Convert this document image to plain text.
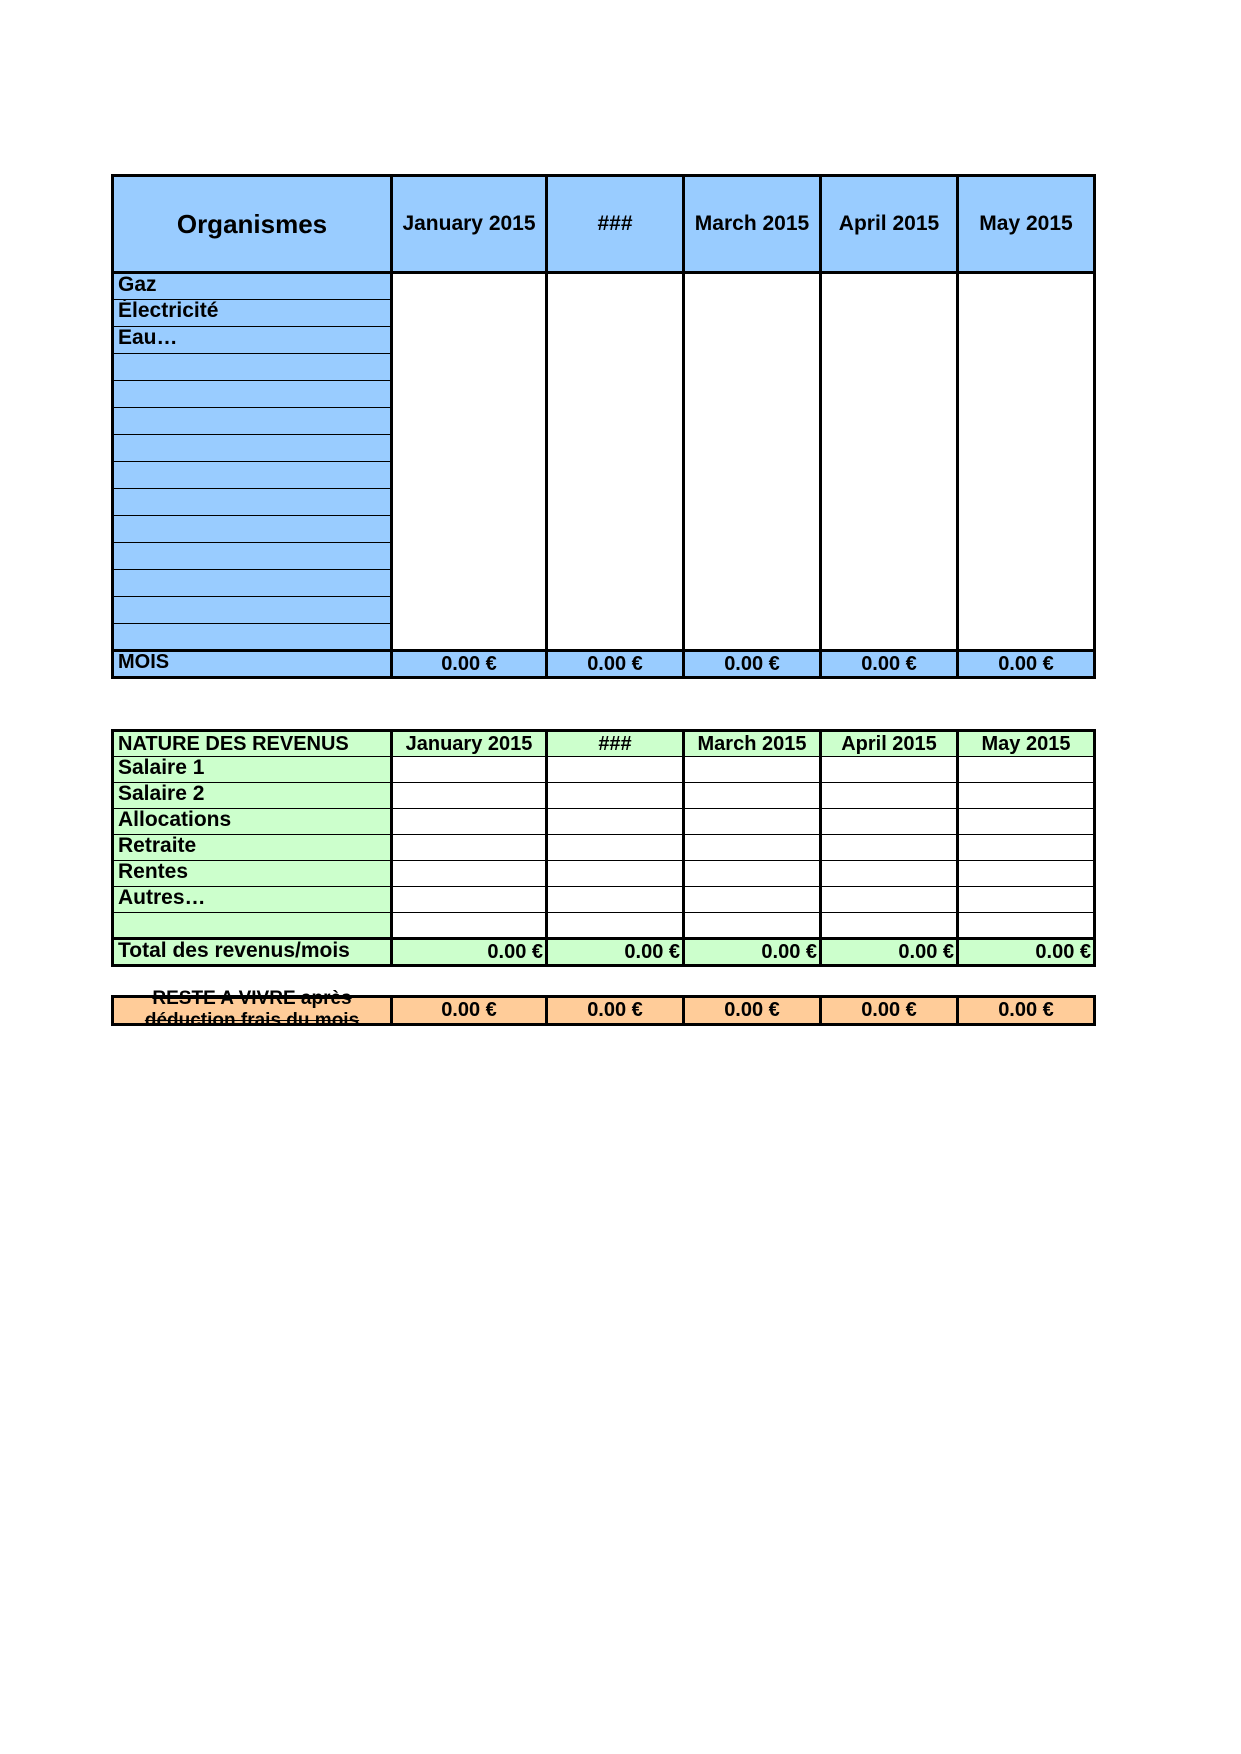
Organismes	January 2015	###	March 2015	April 2015	May 2015
Gaz					
Électricité					
Eau…					

MOIS	0.00 €	0.00 €	0.00 €	0.00 €	0.00 €
NATURE DES REVENUS	January 2015	###	March 2015	April 2015	May 2015
Salaire 1					
Salaire 2					
Allocations					
Retraite					
Rentes					
Autres…					

Total des revenus/mois	0.00 €	0.00 €	0.00 €	0.00 €	0.00 €
RESTE A VIVRE après déduction frais du mois	0.00 €	0.00 €	0.00 €	0.00 €	0.00 €
